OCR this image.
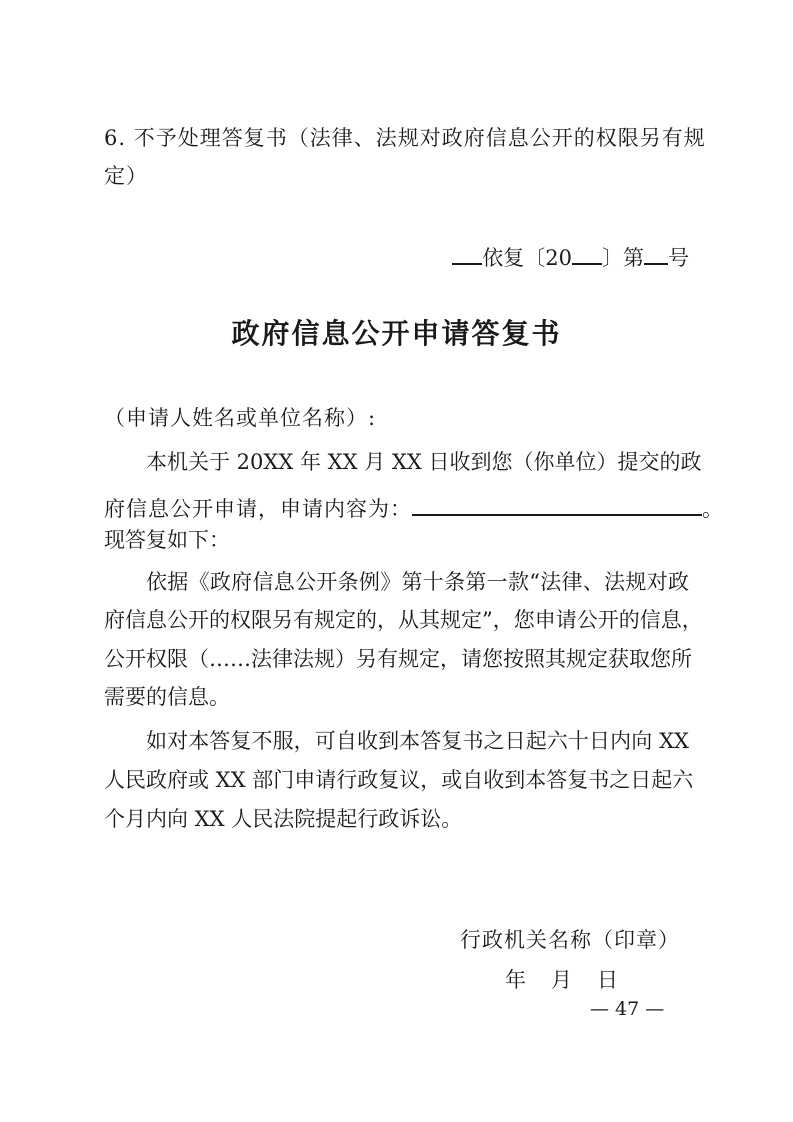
6. 不予处理答复书（法律、法规对政府信息公开的权限另有规
定）
依复〔20 〕第 号
政府信息公开申请答复书
（申请人姓名或单位名称）:
本机关于 20XX 年 XX 月 XX 日收到您（你单位）提交的政
府信息公开申请，申请内容为：	。
现答复如下：
依据《政府信息公开条例》第十条第一款“法律、法规对政
府信息公开的权限另有规定的，从其规定”，您申请公开的信息，
公开权限（……法律法规）另有规定，请您按照其规定获取您所
需要的信息。
如对本答复不服，可自收到本答复书之日起六十日内向 XX
人民政府或 XX 部门申请行政复议，或自收到本答复书之日起六
个月内向 XX 人民法院提起行政诉讼。
行政机关名称（印章）
年　月　日
— 47 —
